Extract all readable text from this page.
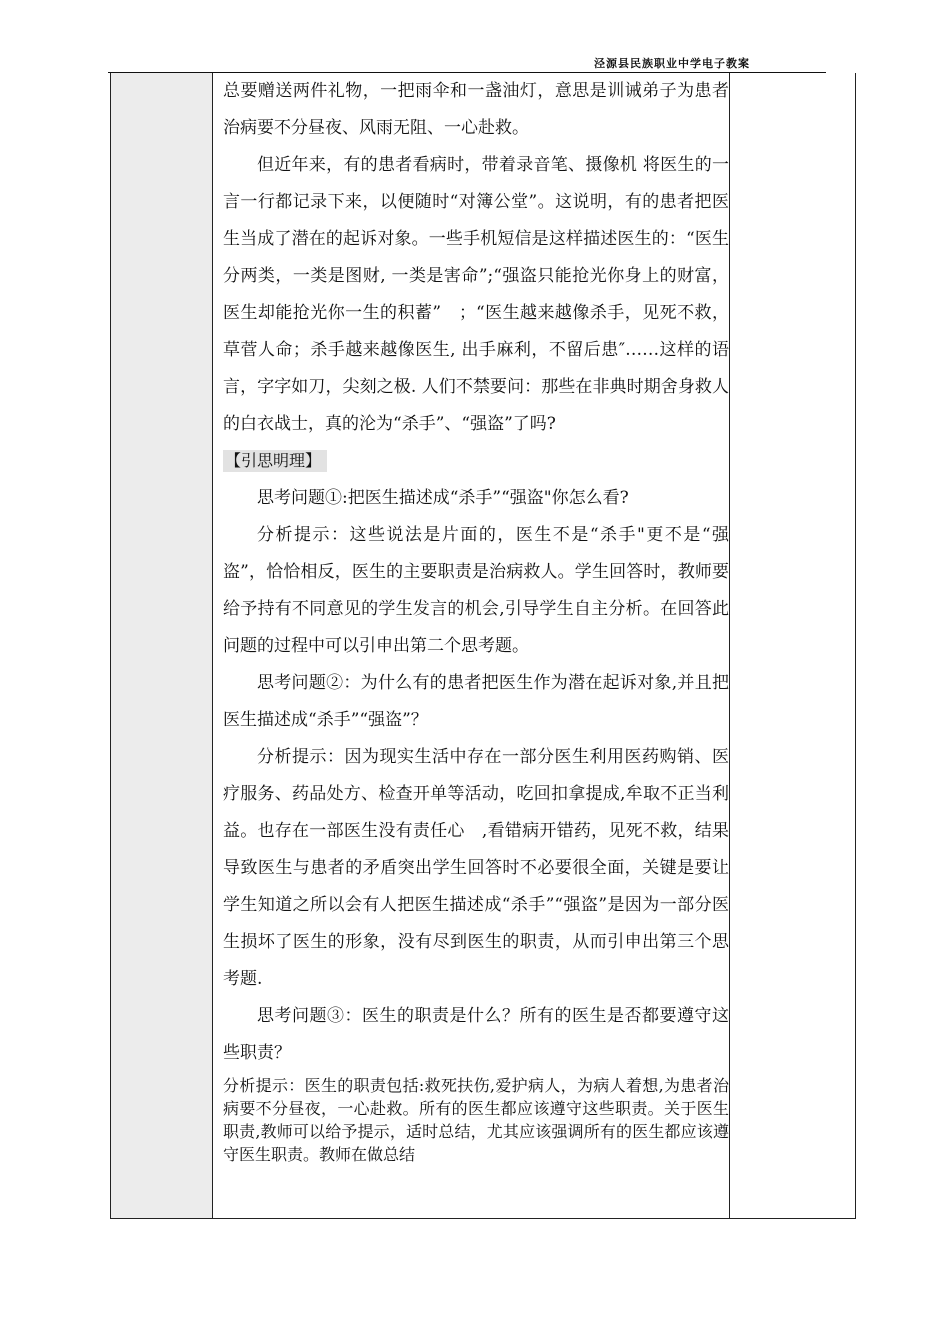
泾源县民族职业中学电子教案

总要赠送两件礼物，一把雨伞和一盏油灯，意思是训诫弟子为患者治病要不分昼夜、风雨无阻、一心赴救。

但近年来，有的患者看病时，带着录音笔、摄像机 将医生的一言一行都记录下来，以便随时“对簿公堂”。这说明，有的患者把医生当成了潜在的起诉对象。一些手机短信是这样描述医生的：“医生分两类，一类是图财, 一类是害命”;“强盗只能抢光你身上的财富，医生却能抢光你一生的积蓄”　；“医生越来越像杀手，见死不救，草菅人命；杀手越来越像医生, 出手麻利，不留后患″……这样的语言，字字如刀，尖刻之极. 人们不禁要问：那些在非典时期舍身救人的白衣战士，真的沦为“杀手”、“强盗”了吗?

【引思明理】

思考问题①:把医生描述成“杀手”“强盗"你怎么看?

分析提示：这些说法是片面的，医生不是“杀手"更不是“强盗”，恰恰相反，医生的主要职责是治病救人。学生回答时，教师要给予持有不同意见的学生发言的机会,引导学生自主分析。在回答此问题的过程中可以引申出第二个思考题。

思考问题②：为什么有的患者把医生作为潜在起诉对象,并且把医生描述成“杀手”“强盗”？

分析提示：因为现实生活中存在一部分医生利用医药购销、医疗服务、药品处方、检查开单等活动，吃回扣拿提成,牟取不正当利益。也存在一部医生没有责任心　,看错病开错药，见死不救，结果导致医生与患者的矛盾突出学生回答时不必要很全面，关键是要让学生知道之所以会有人把医生描述成“杀手”“强盗”是因为一部分医生损坏了医生的形象，没有尽到医生的职责，从而引申出第三个思考题.

思考问题③：医生的职责是什么？所有的医生是否都要遵守这些职责？

分析提示：医生的职责包括:救死扶伤,爱护病人，为病人着想,为患者治病要不分昼夜，一心赴救。所有的医生都应该遵守这些职责。关于医生职责,教师可以给予提示，适时总结，尤其应该强调所有的医生都应该遵守医生职责。教师在做总结
